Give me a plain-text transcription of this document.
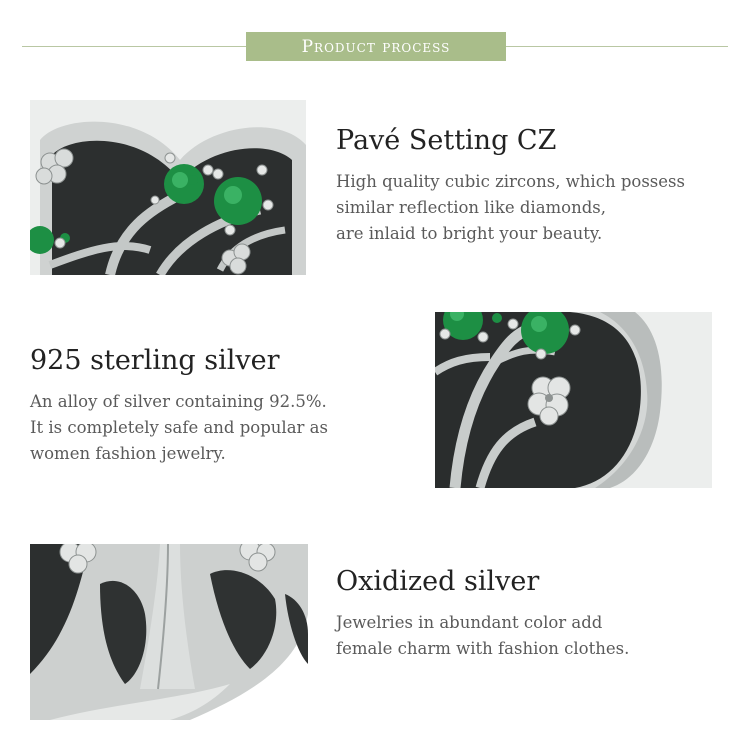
Product process
Pavé Setting CZ
High quality cubic zircons, which possess
similar reflection like diamonds,
are inlaid to bright your beauty.
925 sterling silver
An alloy of silver containing 92.5%.
It is completely safe and popular as
women fashion jewelry.
Oxidized silver
Jewelries in abundant color add
female charm with fashion clothes.
